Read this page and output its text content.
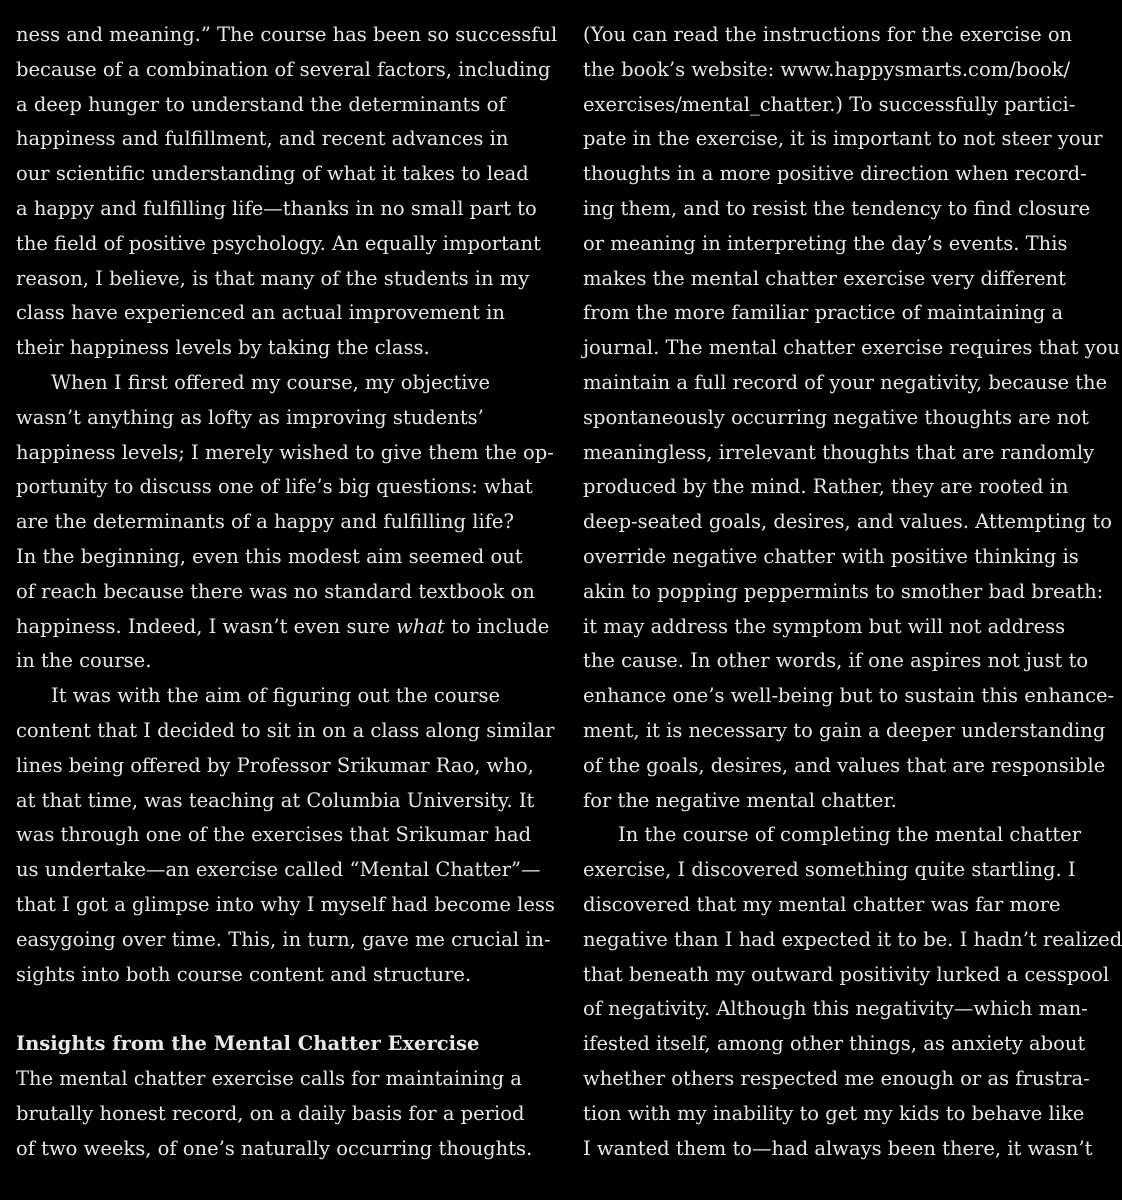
ness and meaning.” The course has been so successful
because of a combination of several factors, including
a deep hunger to understand the determinants of
happiness and fulfillment, and recent advances in
our scientific understanding of what it takes to lead
a happy and fulfilling life—thanks in no small part to
the field of positive psychology. An equally important
reason, I believe, is that many of the students in my
class have experienced an actual improvement in
their happiness levels by taking the class.
When I first offered my course, my objective
wasn’t anything as lofty as improving students’
happiness levels; I merely wished to give them the op-
portunity to discuss one of life’s big questions: what
are the determinants of a happy and fulfilling life?
In the beginning, even this modest aim seemed out
of reach because there was no standard textbook on
happiness. Indeed, I wasn’t even sure what to include
in the course.
It was with the aim of figuring out the course
content that I decided to sit in on a class along similar
lines being offered by Professor Srikumar Rao, who,
at that time, was teaching at Columbia University. It
was through one of the exercises that Srikumar had
us undertake—an exercise called “Mental Chatter”—
that I got a glimpse into why I myself had become less
easygoing over time. This, in turn, gave me crucial in-
sights into both course content and structure.
Insights from the Mental Chatter Exercise
The mental chatter exercise calls for maintaining a
brutally honest record, on a daily basis for a period
of two weeks, of one’s naturally occurring thoughts.
(You can read the instructions for the exercise on
the book’s website: www.happysmarts.com/book/
exercises/mental_chatter.) To successfully partici-
pate in the exercise, it is important to not steer your
thoughts in a more positive direction when record-
ing them, and to resist the tendency to find closure
or meaning in interpreting the day’s events. This
makes the mental chatter exercise very different
from the more familiar practice of maintaining a
journal. The mental chatter exercise requires that you
maintain a full record of your negativity, because the
spontaneously occurring negative thoughts are not
meaningless, irrelevant thoughts that are randomly
produced by the mind. Rather, they are rooted in
deep-seated goals, desires, and values. Attempting to
override negative chatter with positive thinking is
akin to popping peppermints to smother bad breath:
it may address the symptom but will not address
the cause. In other words, if one aspires not just to
enhance one’s well-being but to sustain this enhance-
ment, it is necessary to gain a deeper understanding
of the goals, desires, and values that are responsible
for the negative mental chatter.
In the course of completing the mental chatter
exercise, I discovered something quite startling. I
discovered that my mental chatter was far more
negative than I had expected it to be. I hadn’t realized
that beneath my outward positivity lurked a cesspool
of negativity. Although this negativity—which man-
ifested itself, among other things, as anxiety about
whether others respected me enough or as frustra-
tion with my inability to get my kids to behave like
I wanted them to—had always been there, it wasn’t
